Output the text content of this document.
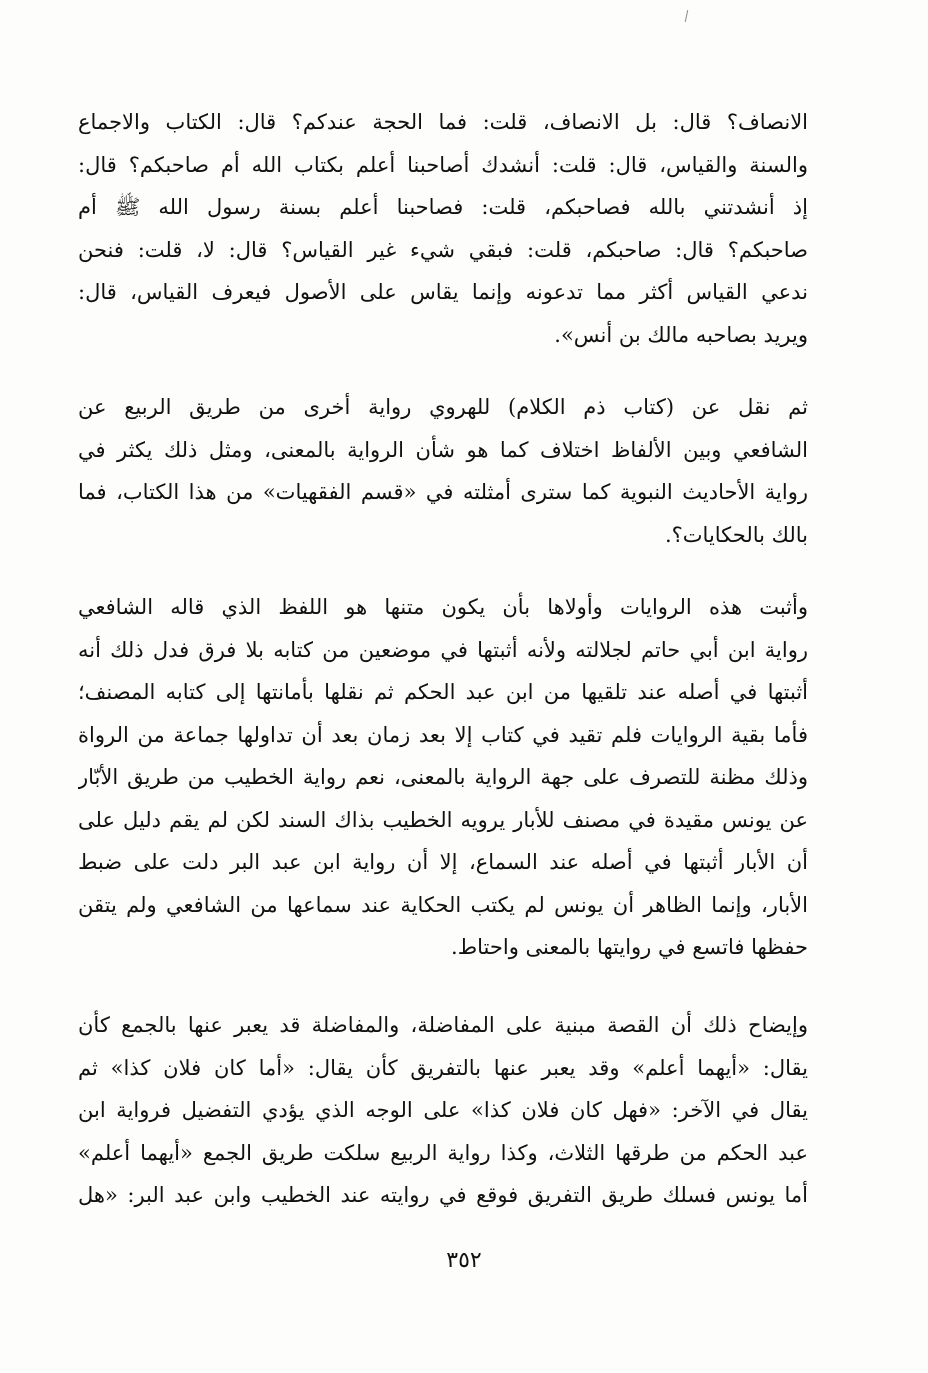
الانصاف؟ قال: بل الانصاف، قلت: فما الحجة عندكم؟ قال: الكتاب والاجماع
والسنة والقياس، قال: قلت: أنشدك أصاحبنا أعلم بكتاب الله أم صاحبكم؟ قال:
إذ أنشدتني بالله فصاحبكم، قلت: فصاحبنا أعلم بسنة رسول الله ﷺ أم
صاحبكم؟ قال: صاحبكم، قلت: فبقي شيء غير القياس؟ قال: لا، قلت: فنحن
ندعي القياس أكثر مما تدعونه وإنما يقاس على الأصول فيعرف القياس، قال:
ويريد بصاحبه مالك بن أنس».
ثم نقل عن (كتاب ذم الكلام) للهروي رواية أخرى من طريق الربيع عن
الشافعي وبين الألفاظ اختلاف كما هو شأن الرواية بالمعنى، ومثل ذلك يكثر في
رواية الأحاديث النبوية كما سترى أمثلته في «قسم الفقهيات» من هذا الكتاب، فما
بالك بالحكايات؟.
وأثبت هذه الروايات وأولاها بأن يكون متنها هو اللفظ الذي قاله الشافعي
رواية ابن أبي حاتم لجلالته ولأنه أثبتها في موضعين من كتابه بلا فرق فدل ذلك أنه
أثبتها في أصله عند تلقيها من ابن عبد الحكم ثم نقلها بأمانتها إلى كتابه المصنف؛
فأما بقية الروايات فلم تقيد في كتاب إلا بعد زمان بعد أن تداولها جماعة من الرواة
وذلك مظنة للتصرف على جهة الرواية بالمعنى، نعم رواية الخطيب من طريق الأبّار
عن يونس مقيدة في مصنف للأبار يرويه الخطيب بذاك السند لكن لم يقم دليل على
أن الأبار أثبتها في أصله عند السماع، إلا أن رواية ابن عبد البر دلت على ضبط
الأبار، وإنما الظاهر أن يونس لم يكتب الحكاية عند سماعها من الشافعي ولم يتقن
حفظها فاتسع في روايتها بالمعنى واحتاط.
وإيضاح ذلك أن القصة مبنية على المفاضلة، والمفاضلة قد يعبر عنها بالجمع كأن
يقال: «أيهما أعلم» وقد يعبر عنها بالتفريق كأن يقال: «أما كان فلان كذا» ثم
يقال في الآخر: «فهل كان فلان كذا» على الوجه الذي يؤدي التفضيل فرواية ابن
عبد الحكم من طرقها الثلاث، وكذا رواية الربيع سلكت طريق الجمع «أيهما أعلم»
أما يونس فسلك طريق التفريق فوقع في روايته عند الخطيب وابن عبد البر: «هل
٣٥٢
